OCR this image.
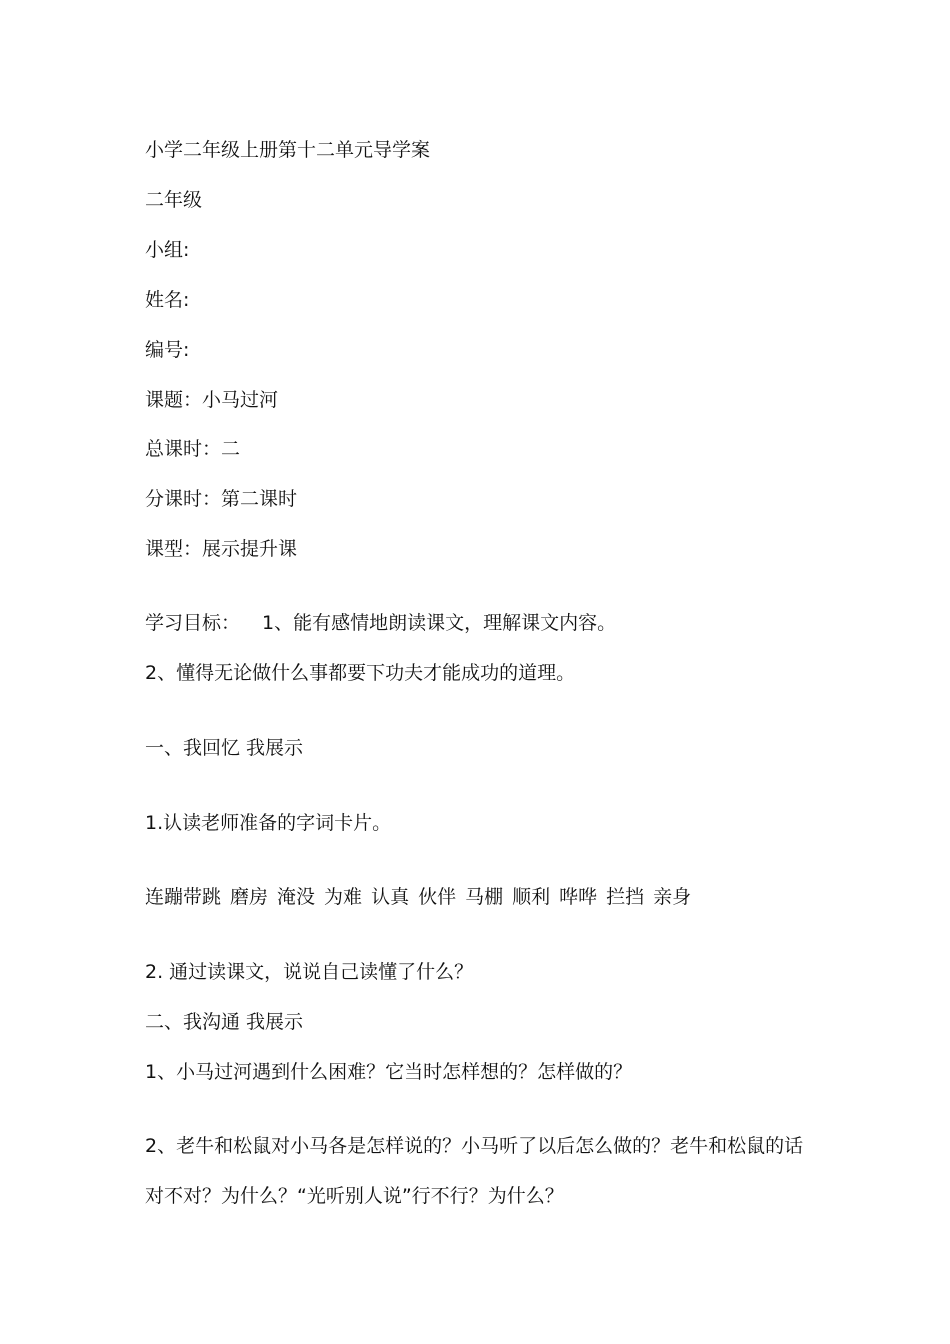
小学二年级上册第十二单元导学案

二年级

小组:

姓名:

编号:

课题：小马过河

总课时：二

分课时：第二课时

课型：展示提升课

学习目标： 1、能有感情地朗读课文，理解课文内容。

2、懂得无论做什么事都要下功夫才能成功的道理。

一、我回忆 我展示

1.认读老师准备的字词卡片。

连蹦带跳 磨房 淹没 为难 认真 伙伴 马棚 顺利 哗哗 拦挡 亲身

2. 通过读课文，说说自己读懂了什么？

二、我沟通 我展示

1、小马过河遇到什么困难？它当时怎样想的？怎样做的？

2、老牛和松鼠对小马各是怎样说的？小马听了以后怎么做的？老牛和松鼠的话

对不对？为什么？“光听别人说”行不行？为什么？
